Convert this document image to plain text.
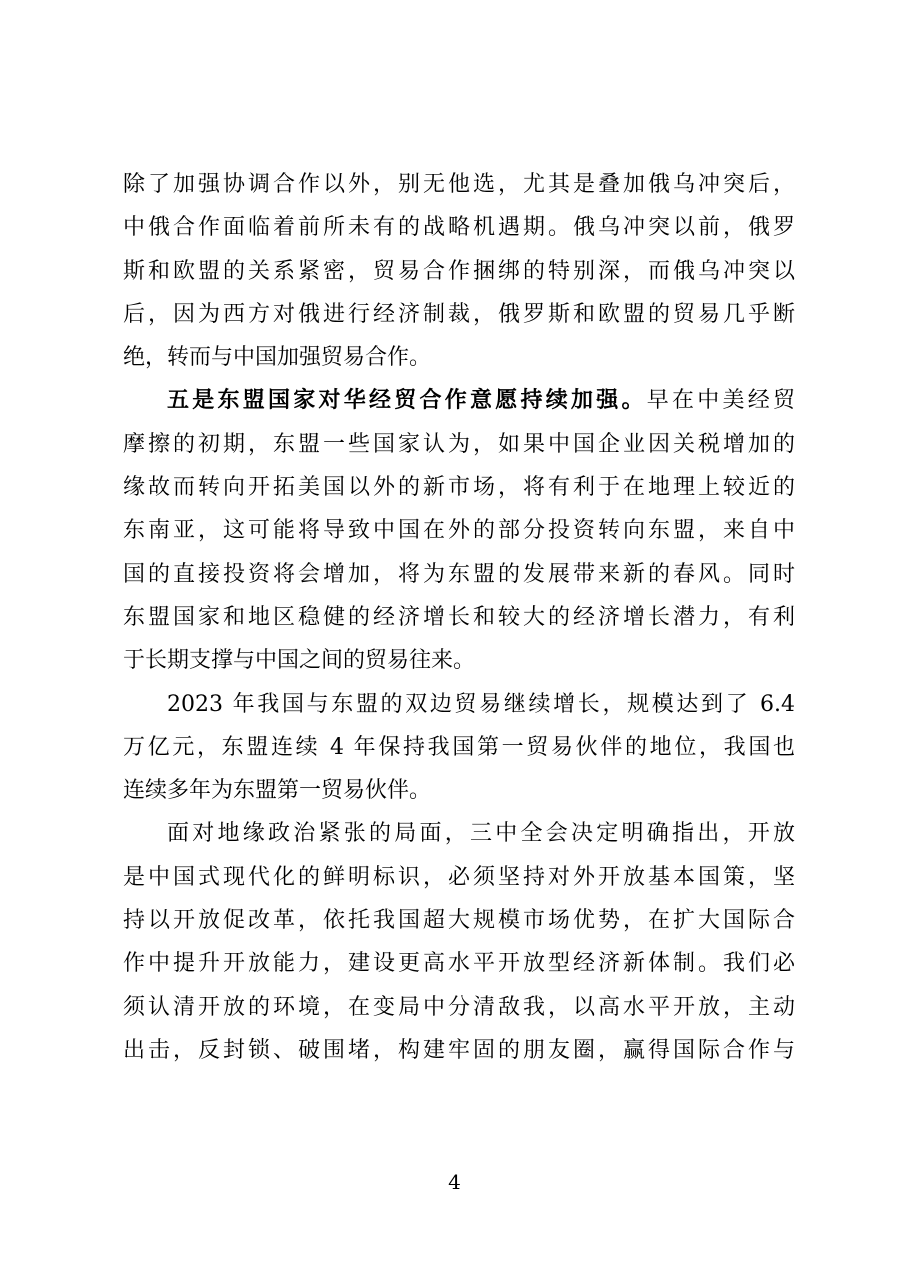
除了加强协调合作以外，别无他选，尤其是叠加俄乌冲突后，
中俄合作面临着前所未有的战略机遇期。俄乌冲突以前，俄罗
斯和欧盟的关系紧密，贸易合作捆绑的特别深，而俄乌冲突以
后，因为西方对俄进行经济制裁，俄罗斯和欧盟的贸易几乎断
绝，转而与中国加强贸易合作。
五是东盟国家对华经贸合作意愿持续加强。早在中美经贸
摩擦的初期，东盟一些国家认为，如果中国企业因关税增加的
缘故而转向开拓美国以外的新市场，将有利于在地理上较近的
东南亚，这可能将导致中国在外的部分投资转向东盟，来自中
国的直接投资将会增加，将为东盟的发展带来新的春风。同时
东盟国家和地区稳健的经济增长和较大的经济增长潜力，有利
于长期支撑与中国之间的贸易往来。
2023 年我国与东盟的双边贸易继续增长，规模达到了 6.4
万亿元，东盟连续 4 年保持我国第一贸易伙伴的地位，我国也
连续多年为东盟第一贸易伙伴。
面对地缘政治紧张的局面，三中全会决定明确指出，开放
是中国式现代化的鲜明标识，必须坚持对外开放基本国策，坚
持以开放促改革，依托我国超大规模市场优势，在扩大国际合
作中提升开放能力，建设更高水平开放型经济新体制。我们必
须认清开放的环境，在变局中分清敌我，以高水平开放，主动
出击，反封锁、破围堵，构建牢固的朋友圈，赢得国际合作与
4
